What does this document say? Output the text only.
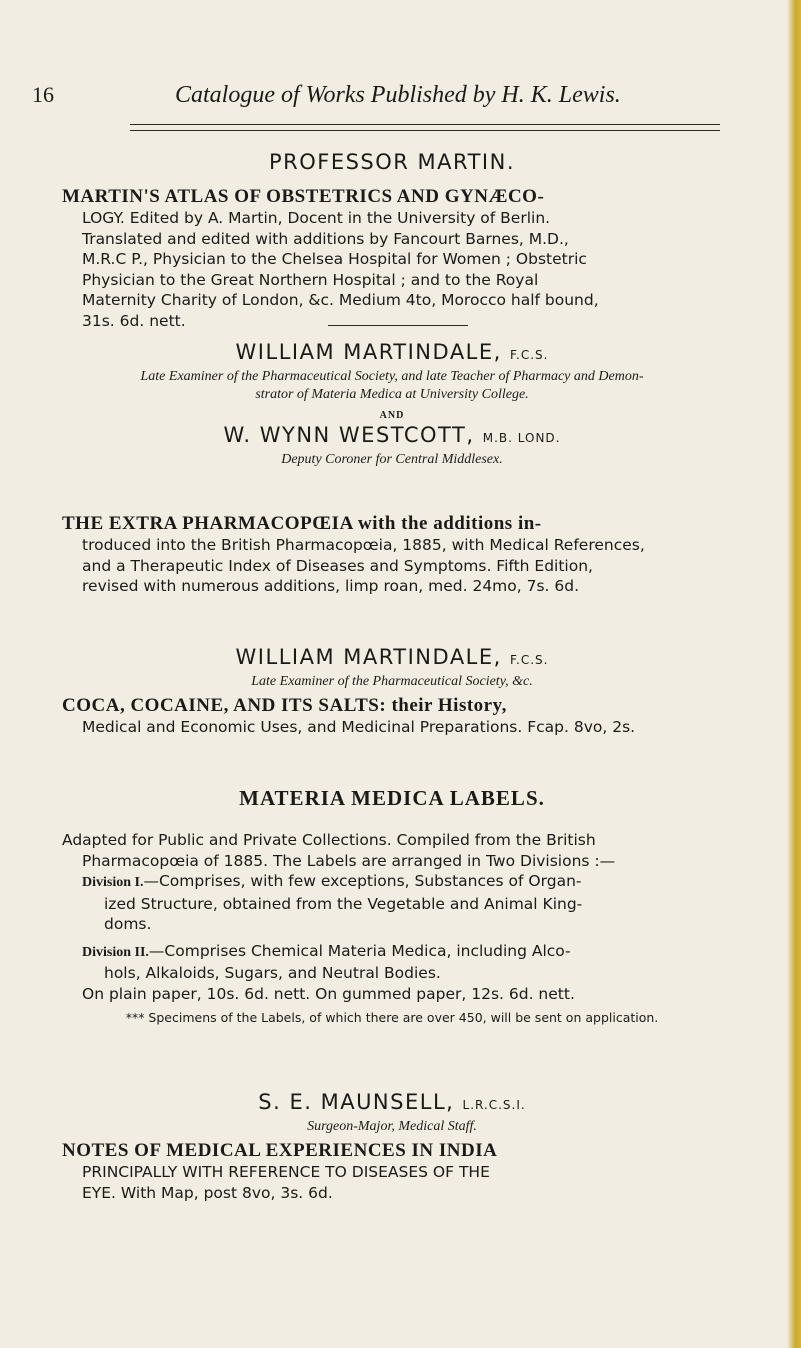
16	Catalogue of Works Published by H. K. Lewis.
PROFESSOR MARTIN.
MARTIN'S ATLAS OF OBSTETRICS AND GYNÆCO-
LOGY. Edited by A. Martin, Docent in the University of Berlin.
Translated and edited with additions by Fancourt Barnes, M.D.,
M.R.C P., Physician to the Chelsea Hospital for Women ; Obstetric
Physician to the Great Northern Hospital ; and to the Royal
Maternity Charity of London, &c. Medium 4to, Morocco half bound,
31s. 6d. nett.
WILLIAM MARTINDALE, F.C.S.
Late Examiner of the Pharmaceutical Society, and late Teacher of Pharmacy and Demon-
strator of Materia Medica at University College.
AND
W. WYNN WESTCOTT, M.B. LOND.
Deputy Coroner for Central Middlesex.
THE EXTRA PHARMACOPŒIA with the additions in-
troduced into the British Pharmacopœia, 1885, with Medical References,
and a Therapeutic Index of Diseases and Symptoms. Fifth Edition,
revised with numerous additions, limp roan, med. 24mo, 7s. 6d.
WILLIAM MARTINDALE, F.C.S.
Late Examiner of the Pharmaceutical Society, &c.
COCA, COCAINE, AND ITS SALTS: their History,
Medical and Economic Uses, and Medicinal Preparations. Fcap. 8vo, 2s.
MATERIA MEDICA LABELS.
Adapted for Public and Private Collections. Compiled from the British
Pharmacopœia of 1885. The Labels are arranged in Two Divisions :—
Division I.—Comprises, with few exceptions, Substances of Organ-
ized Structure, obtained from the Vegetable and Animal King-
doms.
Division II.—Comprises Chemical Materia Medica, including Alco-
hols, Alkaloids, Sugars, and Neutral Bodies.
On plain paper, 10s. 6d. nett. On gummed paper, 12s. 6d. nett.
*** Specimens of the Labels, of which there are over 450, will be sent on application.
S. E. MAUNSELL, L.R.C.S.I.
Surgeon-Major, Medical Staff.
NOTES OF MEDICAL EXPERIENCES IN INDIA
PRINCIPALLY WITH REFERENCE TO DISEASES OF THE
EYE. With Map, post 8vo, 3s. 6d.
